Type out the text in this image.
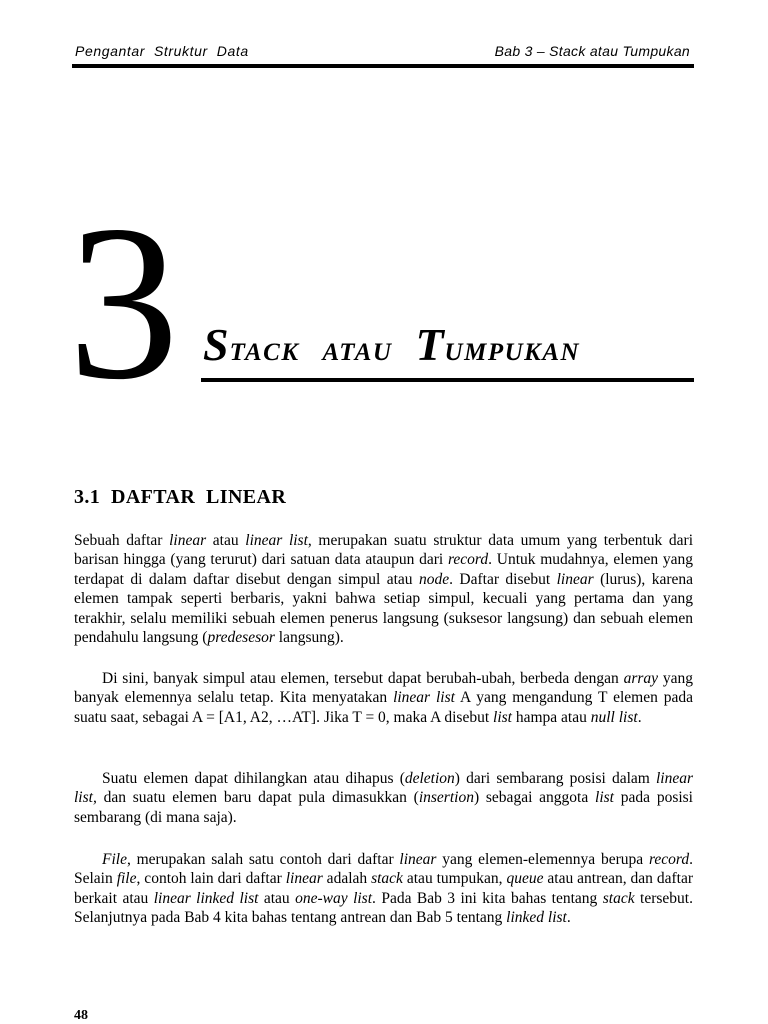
Pengantar  Struktur  Data	Bab 3 – Stack atau Tumpukan
3 STACK ATAU TUMPUKAN
3.1  DAFTAR  LINEAR

Sebuah daftar linear atau linear list, merupakan suatu struktur data umum yang terbentuk dari barisan hingga (yang terurut) dari satuan data ataupun dari record. Untuk mudahnya, elemen yang terdapat di dalam daftar disebut dengan simpul atau node. Daftar disebut linear (lurus), karena elemen tampak seperti berbaris, yakni bahwa setiap simpul, kecuali yang pertama dan yang terakhir, selalu memiliki sebuah elemen penerus langsung (suksesor langsung) dan sebuah elemen pendahulu langsung (predesesor langsung).

Di sini, banyak simpul atau elemen, tersebut dapat berubah-ubah, berbeda dengan array yang banyak elemennya selalu tetap. Kita menyatakan linear list A yang mengandung T elemen pada suatu saat, sebagai A = [A1, A2, …AT]. Jika T = 0, maka A disebut list hampa atau null list.

Suatu elemen dapat dihilangkan atau dihapus (deletion) dari sembarang posisi dalam linear list, dan suatu elemen baru dapat pula dimasukkan (insertion) sebagai anggota list pada posisi sembarang (di mana saja).

File, merupakan salah satu contoh dari daftar linear yang elemen-elemennya berupa record. Selain file, contoh lain dari daftar linear adalah stack atau tumpukan, queue atau antrean, dan daftar berkait atau linear linked list atau one-way list. Pada Bab 3 ini kita bahas tentang stack tersebut. Selanjutnya pada Bab 4 kita bahas tentang antrean dan Bab 5 tentang linked list.

48
